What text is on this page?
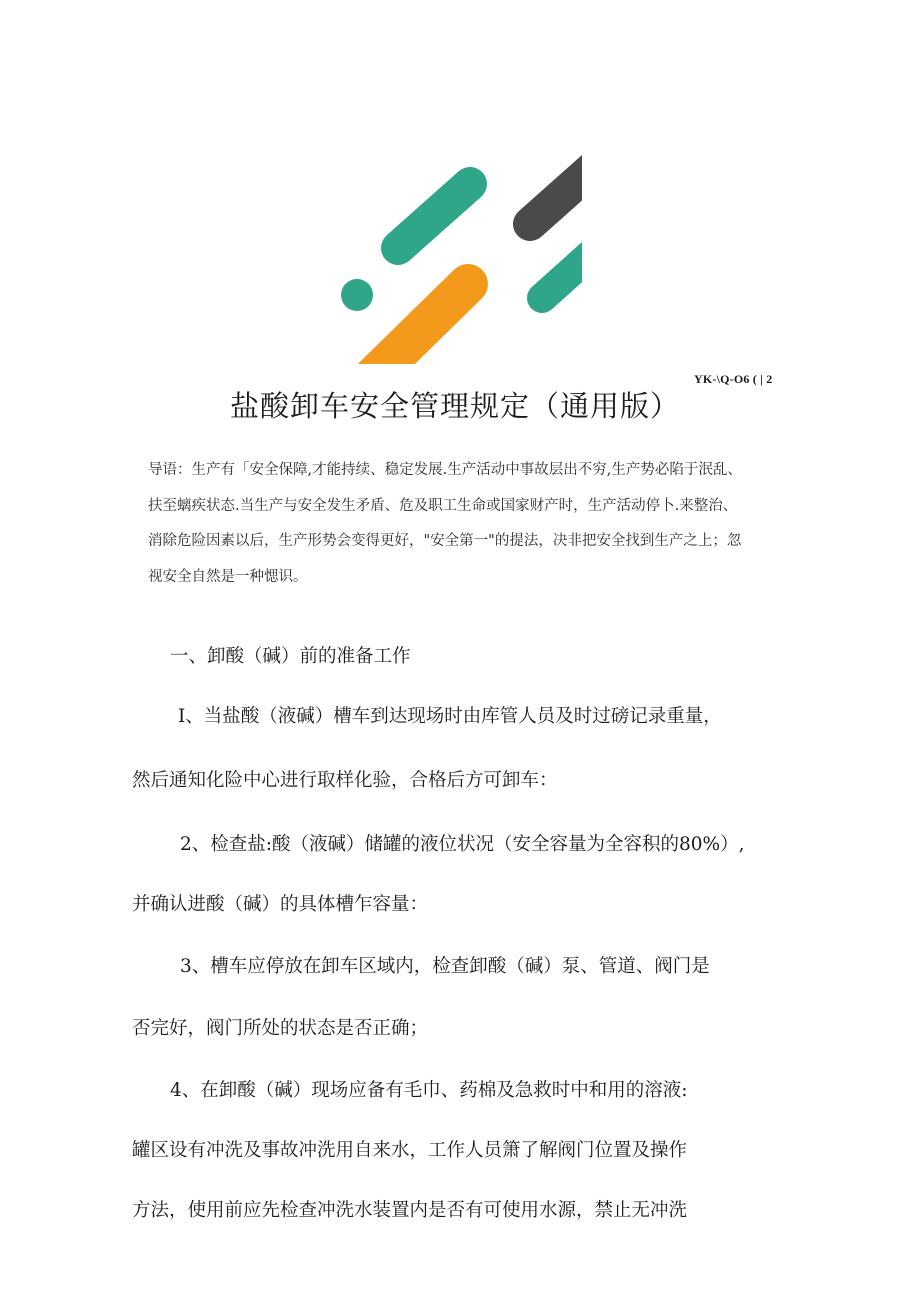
YK-\Q-O6 ( | 2
盐酸卸车安全管理规定（通用版）
导语：生产有「安全保障,才能持续、稳定发展.生产活动中事故层出不穷,生产势必陷于泯乱、
扶至螭疾状态.当生产与安全发生矛盾、危及职工生命或国家财产时，生产活动停卜.来整治、
消除危险因素以后，生产形势会变得更好，"安全第一"的提法，决非把安全找到生产之上；忽
视安全自然是一种愢识。
一、卸酸（碱）前的准备工作
I、当盐酸（液碱）槽车到达现场时由库管人员及时过磅记录重量，
然后通知化险中心进行取样化验，合格后方可卸车：
2、检查盐:酸（液碱）储罐的液位状况（安全容量为全容积的80%）,
并确认进酸（碱）的具体槽乍容量：
3、槽车应停放在卸车区域内，检查卸酸（碱）泵、管道、阀门是
否完好，阀门所处的状态是否正确；
4、在卸酸（碱）现场应备有毛巾、药棉及急救时中和用的溶液:
罐区设有冲洗及事故冲洗用自来水，工作人员箫了解阀门位置及操作
方法，使用前应先检查冲洗水装置内是否有可使用水源，禁止无冲洗
